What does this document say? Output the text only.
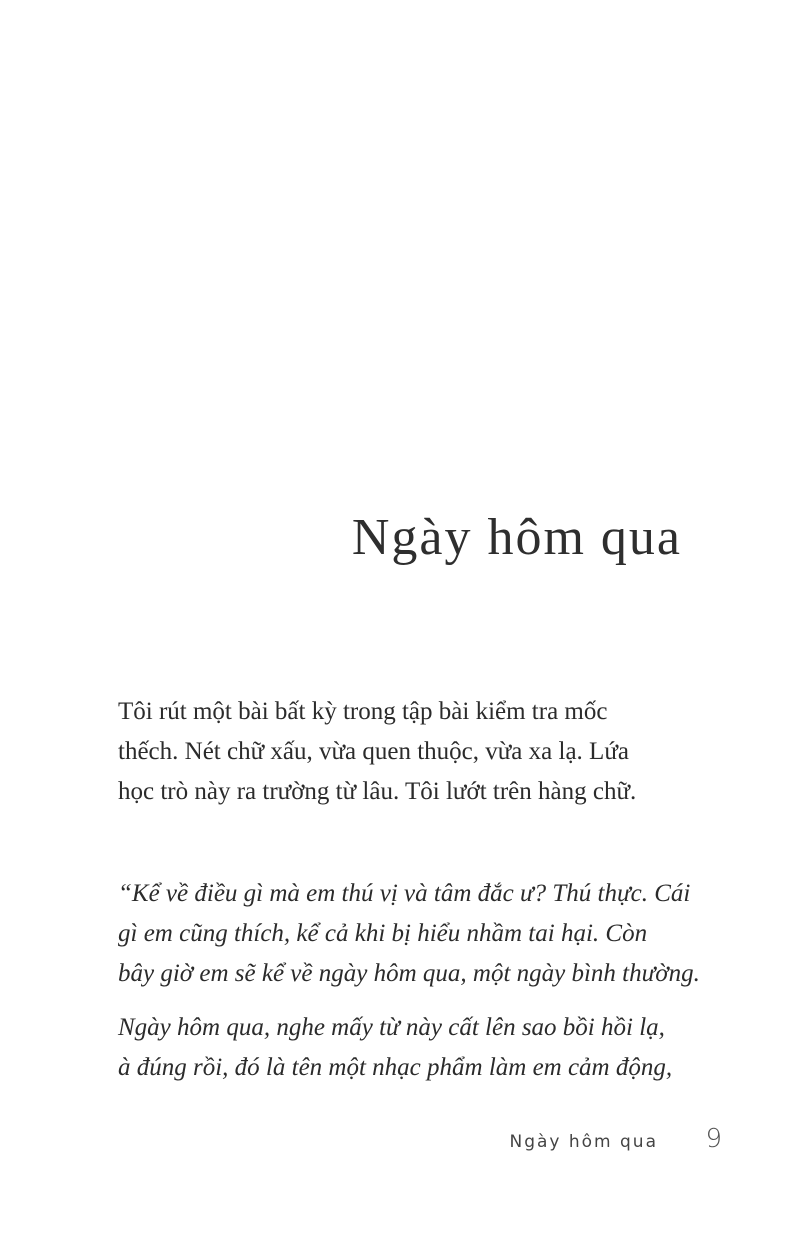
Ngày hôm qua
Tôi rút một bài bất kỳ trong tập bài kiểm tra mốc
thếch. Nét chữ xấu, vừa quen thuộc, vừa xa lạ. Lứa
học trò này ra trường từ lâu. Tôi lướt trên hàng chữ.

“Kể về điều gì mà em thú vị và tâm đắc ư? Thú thực. Cái
gì em cũng thích, kể cả khi bị hiểu nhầm tai hại. Còn
bây giờ em sẽ kể về ngày hôm qua, một ngày bình thường.

Ngày hôm qua, nghe mấy từ này cất lên sao bồi hồi lạ,
à đúng rồi, đó là tên một nhạc phẩm làm em cảm động,

Ngày hôm qua 9
